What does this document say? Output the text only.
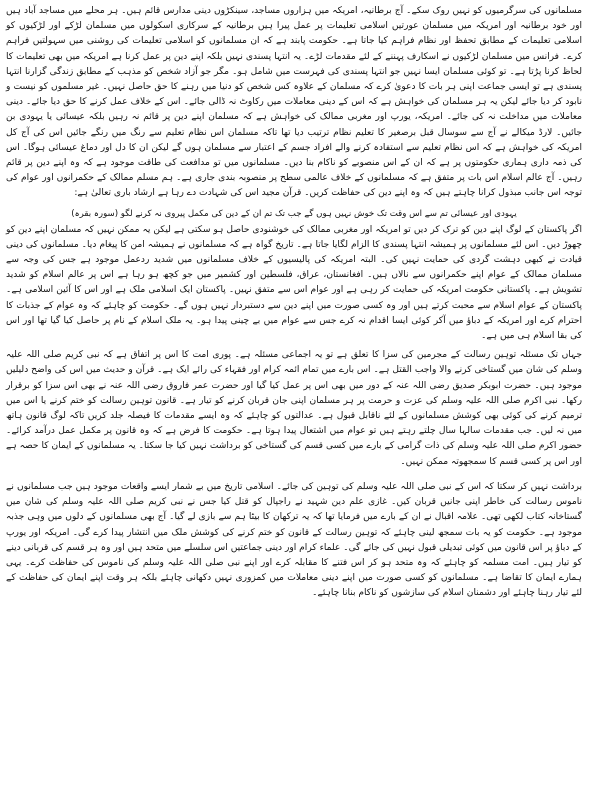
مسلمانوں کی سرگرمیوں کو نہیں روک سکے۔ آج برطانیہ، امریکہ میں ہزاروں مساجد، سینکڑوں دینی مدارس قائم ہیں۔ ہر محلے میں مساجد آباد ہیں اور خود برطانیہ اور امریکہ میں مسلمان عورتیں اسلامی تعلیمات پر عمل پیرا ہیں برطانیہ کے سرکاری اسکولوں میں مسلمان لڑکے اور لڑکیوں کو اسلامی تعلیمات کے مطابق تحفظ اور نظام فراہم کیا جاتا ہے۔ حکومت پابند ہے کہ ان مسلمانوں کو اسلامی تعلیمات کی روشنی میں سہولتیں فراہم کرے۔ فرانس میں مسلمان لڑکیوں نے اسکارف پہننے کے لئے مقدمات لڑے۔ یہ انتہا پسندی نہیں بلکہ اپنے دین پر عمل کرنا ہے امریکہ میں بھی تعلیمات کا لحاظ کرنا پڑتا ہے۔ تو کوئی مسلمان ایسا نہیں جو انتہا پسندی کی فہرست میں شامل ہو۔ مگر جو آزاد شخص کو مذہب کے مطابق زندگی گزارنا انتہا پسندی ہے تو ایسی جماعت اپنی ہر بات کا دعویٰ کرے کہ مسلمان کے علاوہ کس شخص کو دنیا میں رہنے کا حق حاصل نہیں۔ غیر مسلموں کو نیست و نابود کر دیا جائے لیکن یہ ہر مسلمان کی خواہش ہے کہ اس کے دینی معاملات میں رکاوٹ نہ ڈالی جائے۔ اس کے خلاف عمل کرنے کا حق دیا جائے۔ دینی معاملات میں مداخلت نہ کی جائے۔ امریکہ، یورپ اور مغربی ممالک کی خواہش ہے کہ مسلمان اپنے دین پر قائم نہ رہیں بلکہ عیسائی یا یہودی بن جائیں۔ لارڈ میکالے نے آج سے سوسال قبل برصغیر کا تعلیم نظام ترتیب دیا تھا تاکہ مسلمان اس نظام تعلیم سے رنگ میں رنگے جائیں اس کی آج کل امریکہ کی خواہش ہے کہ اس نظام تعلیم سے استفادہ کرنے والے افراد جسم کے اعتبار سے مسلمان ہوں گے لیکن ان کا دل اور دماغ عیسائی ہوگا۔ اس کی ذمہ داری ہماری حکومتوں پر ہے کہ ان کے اس منصوبے کو ناکام بنا دیں۔ مسلمانوں میں تو مدافعت کی طاقت موجود ہے کہ وہ اپنے دین پر قائم رہیں۔ آج عالم اسلام اس بات پر متفق ہے کہ مسلمانوں کے خلاف عالمی سطح پر منصوبہ بندی جاری ہے۔ ہم مسلم ممالک کے حکمرانوں اور عوام کی توجہ اس جانب مبذول کرانا چاہتے ہیں کہ وہ اپنے دین کی حفاظت کریں۔ قرآن مجید اس کی شہادت دے رہا ہے ارشاد باری تعالیٰ ہے:

یہودی اور عیسائی تم سے اس وقت تک خوش نہیں ہوں گے جب تک تم ان کے دین کی مکمل پیروی نہ کرنے لگو (سورہ بقرہ)

اگر پاکستان کے لوگ اپنے دین کو ترک کر دیں تو امریکہ اور مغربی ممالک کی خوشنودی حاصل ہو سکتی ہے لیکن یہ ممکن نہیں کہ مسلمان اپنے دین کو چھوڑ دیں۔ اس لئے مسلمانوں پر ہمیشہ انتہا پسندی کا الزام لگایا جاتا ہے۔ تاریخ گواہ ہے کہ مسلمانوں نے ہمیشہ امن کا پیغام دیا۔ مسلمانوں کی دینی قیادت نے کبھی دہشت گردی کی حمایت نہیں کی۔ البتہ امریکہ کی پالیسیوں کے خلاف مسلمانوں میں شدید ردعمل موجود ہے جس کی وجہ سے مسلمان ممالک کے عوام اپنے حکمرانوں سے نالاں ہیں۔ افغانستان، عراق، فلسطین اور کشمیر میں جو کچھ ہو رہا ہے اس پر عالم اسلام کو شدید تشویش ہے۔ پاکستانی حکومت امریکہ کی حمایت کر رہی ہے اور عوام اس سے متفق نہیں۔ پاکستان ایک اسلامی ملک ہے اور اس کا آئین اسلامی ہے۔ پاکستان کے عوام اسلام سے محبت کرتے ہیں اور وہ کسی صورت میں اپنے دین سے دستبردار نہیں ہوں گے۔ حکومت کو چاہئے کہ وہ عوام کے جذبات کا احترام کرے اور امریکہ کے دباؤ میں آکر کوئی ایسا اقدام نہ کرے جس سے عوام میں بے چینی پیدا ہو۔ یہ ملک اسلام کے نام پر حاصل کیا گیا تھا اور اس کی بقا اسلام ہی میں ہے۔

جہاں تک مسئلہ توہین رسالت کے مجرمین کی سزا کا تعلق ہے تو یہ اجماعی مسئلہ ہے۔ پوری امت کا اس پر اتفاق ہے کہ نبی کریم صلی اللہ علیہ وسلم کی شان میں گستاخی کرنے والا واجب القتل ہے۔ اس بارے میں تمام ائمہ کرام اور فقہاء کی رائے ایک ہے۔ قرآن و حدیث میں اس کی واضح دلیلیں موجود ہیں۔ حضرت ابوبکر صدیق رضی اللہ عنہ کے دور میں بھی اس پر عمل کیا گیا اور حضرت عمر فاروق رضی اللہ عنہ نے بھی اس سزا کو برقرار رکھا۔ نبی اکرم صلی اللہ علیہ وسلم کی عزت و حرمت پر ہر مسلمان اپنی جان قربان کرنے کو تیار ہے۔ قانون توہین رسالت کو ختم کرنے یا اس میں ترمیم کرنے کی کوئی بھی کوشش مسلمانوں کے لئے ناقابل قبول ہے۔ عدالتوں کو چاہئے کہ وہ ایسے مقدمات کا فیصلہ جلد کریں تاکہ لوگ قانون ہاتھ میں نہ لیں۔ جب مقدمات سالہا سال چلتے رہتے ہیں تو عوام میں اشتعال پیدا ہوتا ہے۔ حکومت کا فرض ہے کہ وہ قانون پر مکمل عمل درآمد کرائے۔ حضور اکرم صلی اللہ علیہ وسلم کی ذات گرامی کے بارے میں کسی قسم کی گستاخی کو برداشت نہیں کیا جا سکتا۔ یہ مسلمانوں کے ایمان کا حصہ ہے اور اس پر کسی قسم کا سمجھوتہ ممکن نہیں۔

برداشت نہیں کر سکتا کہ اس کے نبی صلی اللہ علیہ وسلم کی توہین کی جائے۔ اسلامی تاریخ میں بے شمار ایسے واقعات موجود ہیں جب مسلمانوں نے ناموس رسالت کی خاطر اپنی جانیں قربان کیں۔ غازی علم دین شہید نے راجپال کو قتل کیا جس نے نبی کریم صلی اللہ علیہ وسلم کی شان میں گستاخانہ کتاب لکھی تھی۔ علامہ اقبال نے ان کے بارے میں فرمایا تھا کہ یہ ترکھان کا بیٹا ہم سے بازی لے گیا۔ آج بھی مسلمانوں کے دلوں میں وہی جذبہ موجود ہے۔ حکومت کو یہ بات سمجھ لینی چاہئے کہ توہین رسالت کے قانون کو ختم کرنے کی کوشش ملک میں انتشار پیدا کرے گی۔ امریکہ اور یورپ کے دباؤ پر اس قانون میں کوئی تبدیلی قبول نہیں کی جائے گی۔ علماء کرام اور دینی جماعتیں اس سلسلے میں متحد ہیں اور وہ ہر قسم کی قربانی دینے کو تیار ہیں۔ امت مسلمہ کو چاہئے کہ وہ متحد ہو کر اس فتنے کا مقابلہ کرے اور اپنے نبی صلی اللہ علیہ وسلم کی ناموس کی حفاظت کرے۔ یہی ہمارے ایمان کا تقاضا ہے۔ مسلمانوں کو کسی صورت میں اپنے دینی معاملات میں کمزوری نہیں دکھانی چاہئے بلکہ ہر وقت اپنے ایمان کی حفاظت کے لئے تیار رہنا چاہئے اور دشمنان اسلام کی سازشوں کو ناکام بنانا چاہئے۔
